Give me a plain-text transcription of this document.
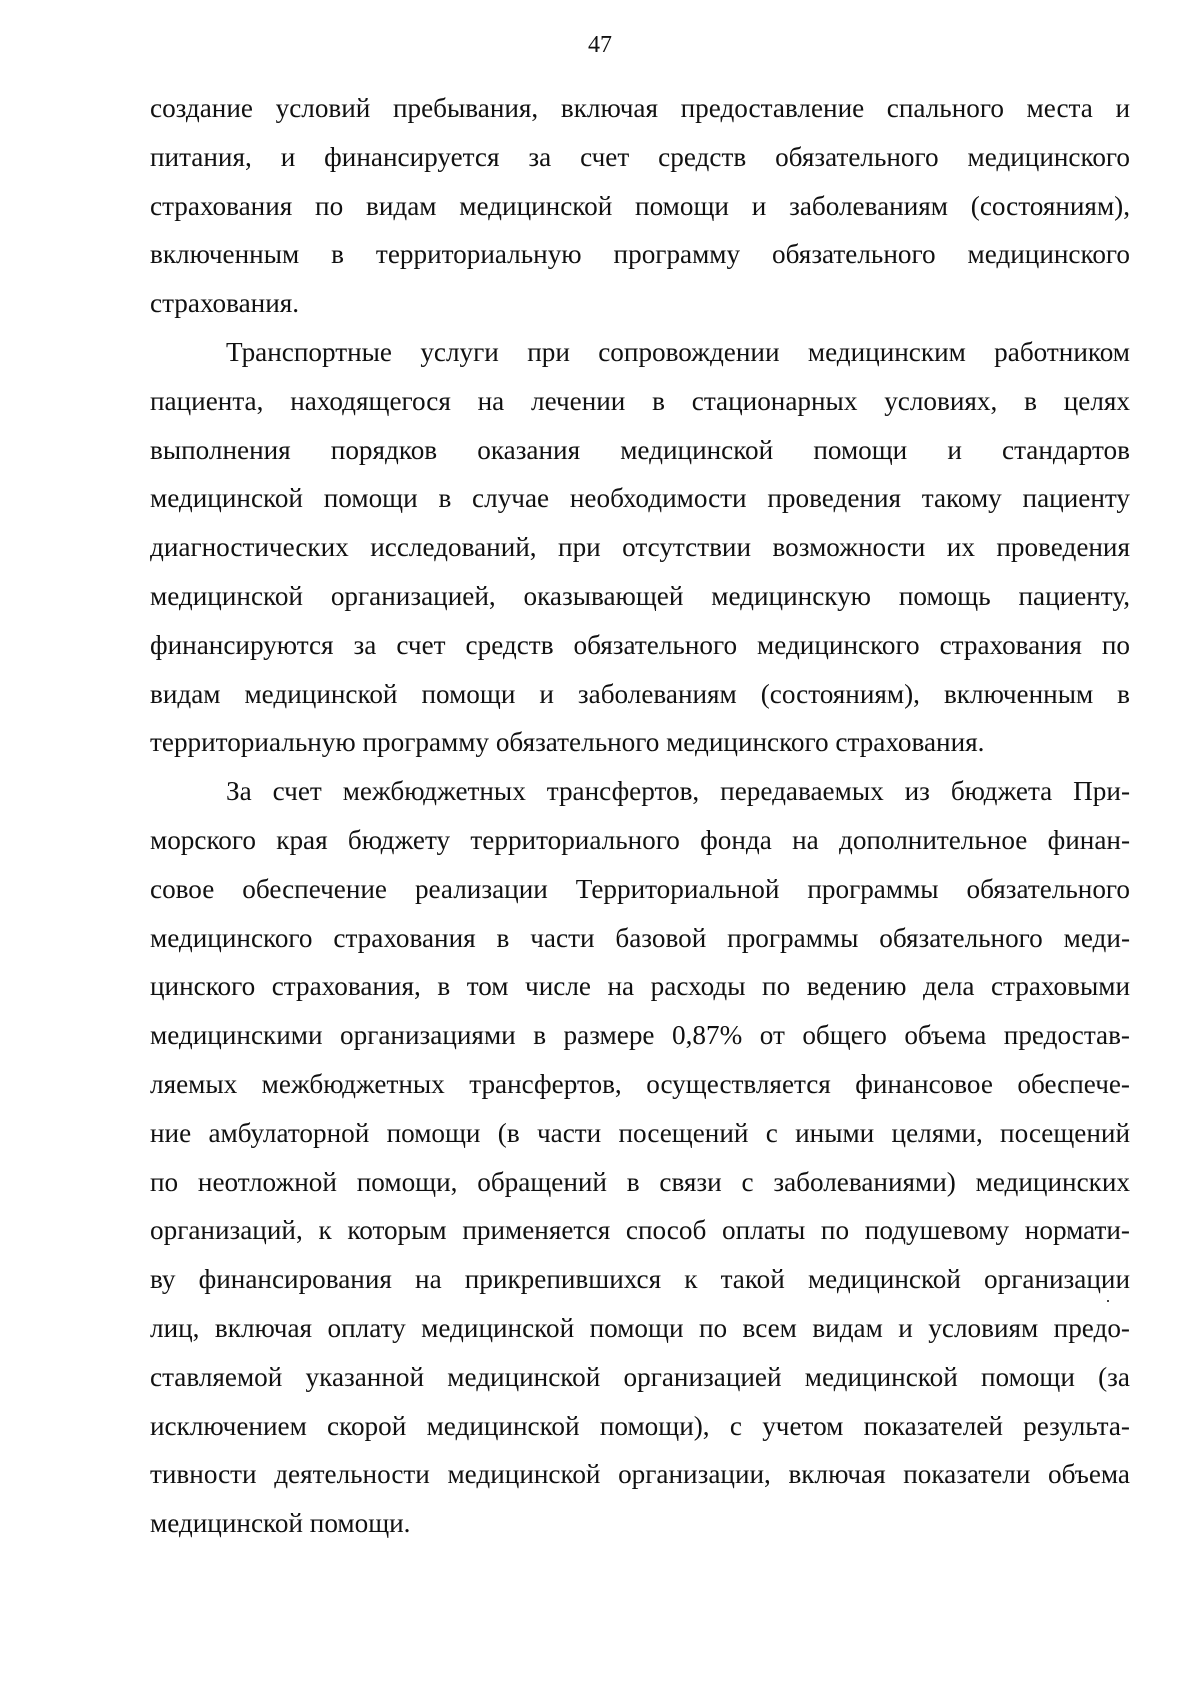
47

создание условий пребывания, включая предоставление спального места и
питания, и финансируется за счет средств обязательного медицинского
страхования по видам медицинской помощи и заболеваниям (состояниям),
включенным в территориальную программу обязательного медицинского
страхования.

Транспортные услуги при сопровождении медицинским работником
пациента, находящегося на лечении в стационарных условиях, в целях
выполнения порядков оказания медицинской помощи и стандартов
медицинской помощи в случае необходимости проведения такому пациенту
диагностических исследований, при отсутствии возможности их проведения
медицинской организацией, оказывающей медицинскую помощь пациенту,
финансируются за счет средств обязательного медицинского страхования по
видам медицинской помощи и заболеваниям (состояниям), включенным в
территориальную программу обязательного медицинского страхования.

За счет межбюджетных трансфертов, передаваемых из бюджета При-
морского края бюджету территориального фонда на дополнительное финан-
совое обеспечение реализации Территориальной программы обязательного
медицинского страхования в части базовой программы обязательного меди-
цинского страхования, в том числе на расходы по ведению дела страховыми
медицинскими организациями в размере 0,87% от общего объема предостав-
ляемых межбюджетных трансфертов, осуществляется финансовое обеспече-
ние амбулаторной помощи (в части посещений с иными целями, посещений
по неотложной помощи, обращений в связи с заболеваниями) медицинских
организаций, к которым применяется способ оплаты по подушевому нормати-
ву финансирования на прикрепившихся к такой медицинской организации
лиц, включая оплату медицинской помощи по всем видам и условиям предо-
ставляемой указанной медицинской организацией медицинской помощи (за
исключением скорой медицинской помощи), с учетом показателей результа-
тивности деятельности медицинской организации, включая показатели объема
медицинской помощи.
